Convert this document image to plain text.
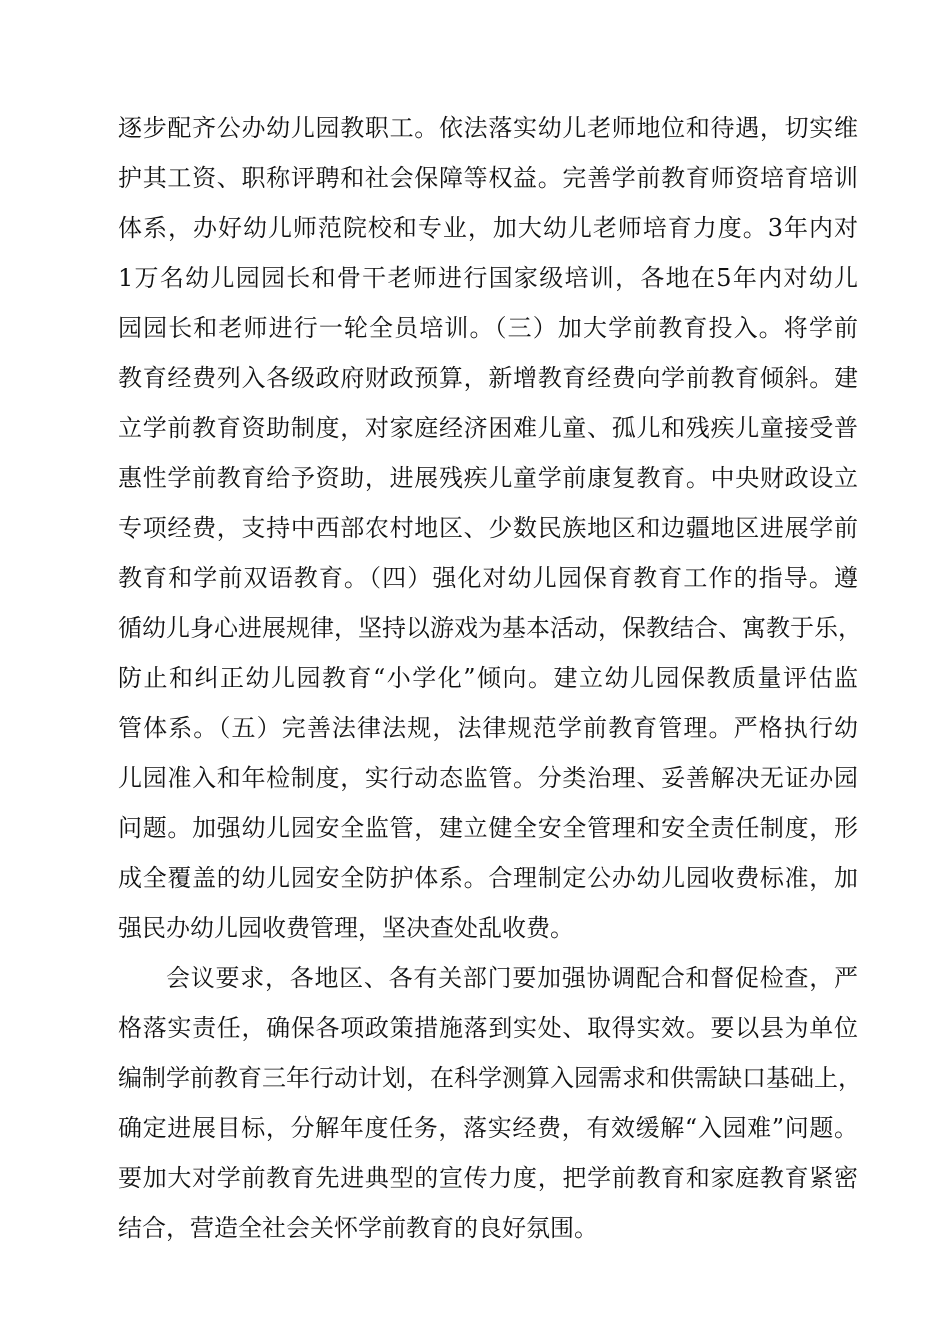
逐步配齐公办幼儿园教职工。依法落实幼儿老师地位和待遇，切实维
护其工资、职称评聘和社会保障等权益。完善学前教育师资培育培训
体系，办好幼儿师范院校和专业，加大幼儿老师培育力度。3年内对
1万名幼儿园园长和骨干老师进行国家级培训，各地在5年内对幼儿
园园长和老师进行一轮全员培训。（三）加大学前教育投入。将学前
教育经费列入各级政府财政预算，新增教育经费向学前教育倾斜。建
立学前教育资助制度，对家庭经济困难儿童、孤儿和残疾儿童接受普
惠性学前教育给予资助，进展残疾儿童学前康复教育。中央财政设立
专项经费，支持中西部农村地区、少数民族地区和边疆地区进展学前
教育和学前双语教育。（四）强化对幼儿园保育教育工作的指导。遵
循幼儿身心进展规律，坚持以游戏为基本活动，保教结合、寓教于乐，
防止和纠正幼儿园教育“小学化”倾向。建立幼儿园保教质量评估监
管体系。（五）完善法律法规，法律规范学前教育管理。严格执行幼
儿园准入和年检制度，实行动态监管。分类治理、妥善解决无证办园
问题。加强幼儿园安全监管，建立健全安全管理和安全责任制度，形
成全覆盖的幼儿园安全防护体系。合理制定公办幼儿园收费标准，加
强民办幼儿园收费管理，坚决查处乱收费。
会议要求，各地区、各有关部门要加强协调配合和督促检查，严
格落实责任，确保各项政策措施落到实处、取得实效。要以县为单位
编制学前教育三年行动计划，在科学测算入园需求和供需缺口基础上，
确定进展目标，分解年度任务，落实经费，有效缓解“入园难”问题。
要加大对学前教育先进典型的宣传力度，把学前教育和家庭教育紧密
结合，营造全社会关怀学前教育的良好氛围。
